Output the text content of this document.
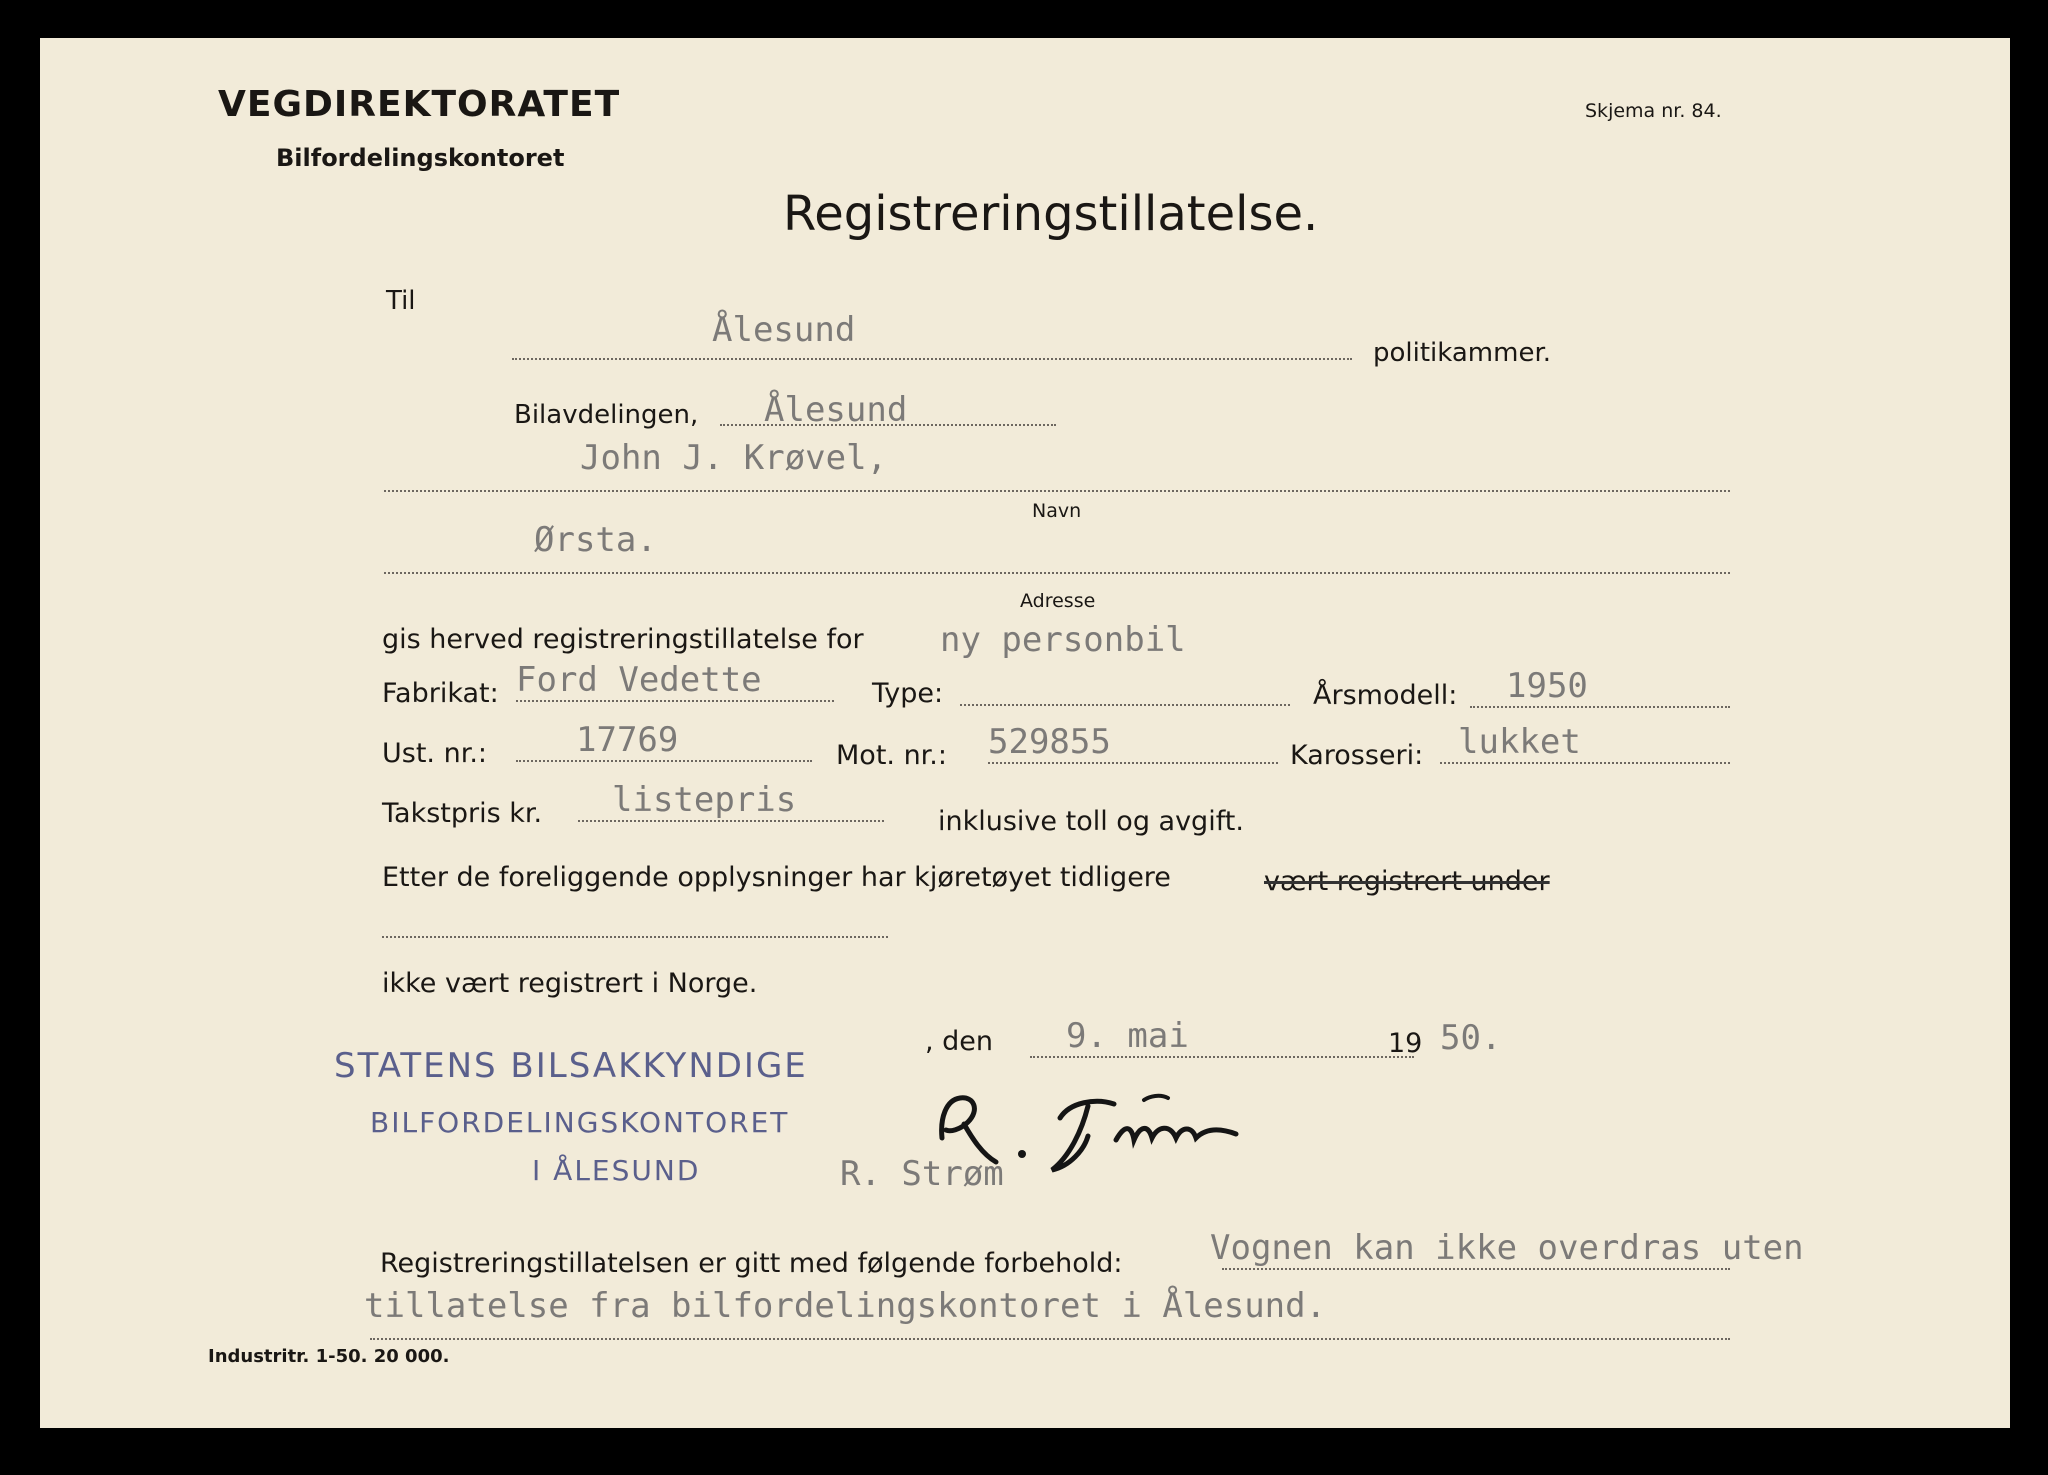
VEGDIREKTORATET
Bilfordelingskontoret
Skjema nr. 84.
Registreringstillatelse.
Til
Ålesund
politikammer.
Bilavdelingen, Ålesund
John J. Krøvel,
Navn
Ørsta.
Adresse
gis herved registreringstillatelse for ny personbil
Fabrikat: Ford Vedette	Type:	Årsmodell: 1950
Ust. nr.:	17769	Mot. nr.: 529855	Karosseri: lukket
Takstpris kr. listepris
inklusive toll og avgift.
Etter de foreliggende opplysninger har kjøretøyet tidligere	vært registrert under
ikke vært registrert i Norge.
STATENS BILSAKKYNDIGE
BILFORDELINGSKONTORET
I ÅLESUND
, den 9. mai	19 50.
R. Strøm
Registreringstillatelsen er gitt med følgende forbehold:	Vognen kan ikke overdras uten
tillatelse fra bilfordelingskontoret i Ålesund.
Industritr. 1-50. 20 000.
